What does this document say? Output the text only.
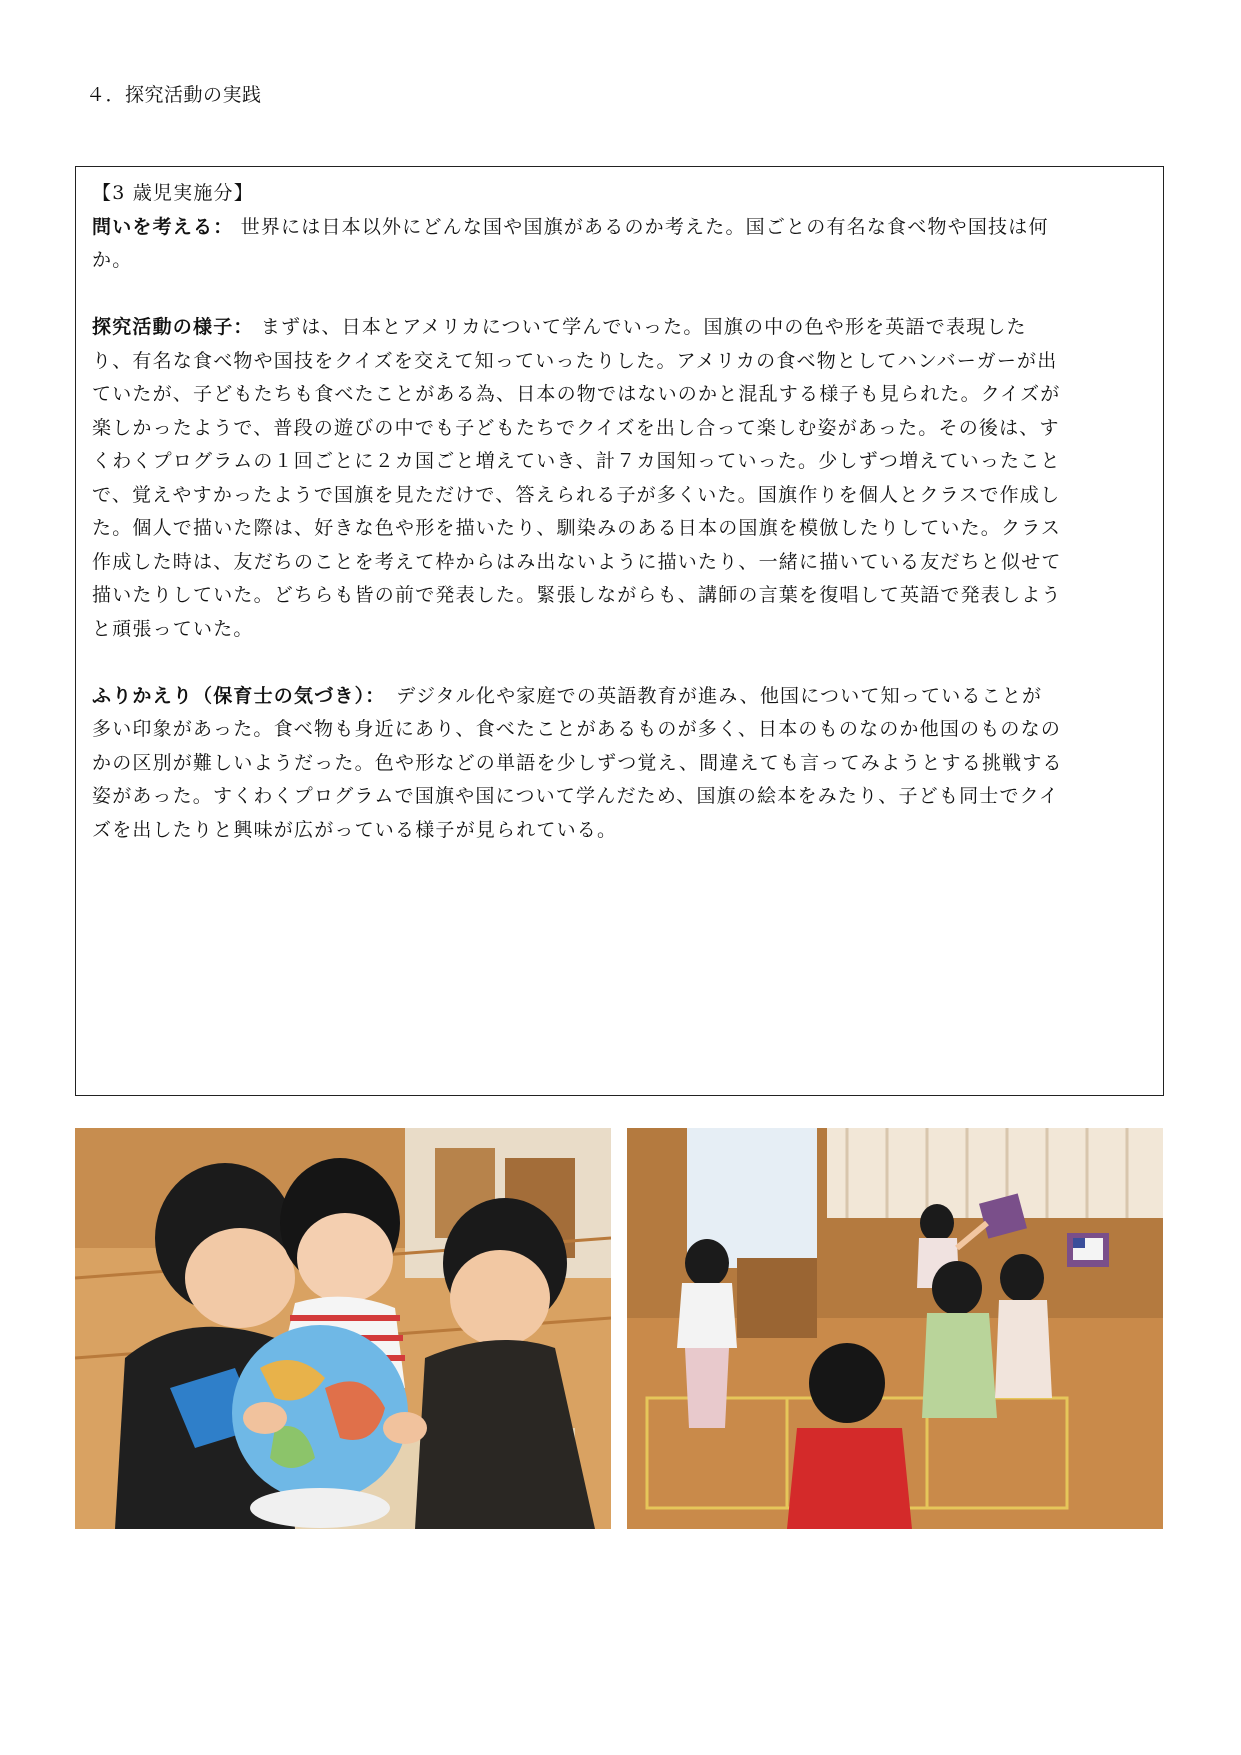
４．探究活動の実践
【3 歳児実施分】
問いを考える： 世界には日本以外にどんな国や国旗があるのか考えた。国ごとの有名な食べ物や国技は何
か。
探究活動の様子： まずは、日本とアメリカについて学んでいった。国旗の中の色や形を英語で表現した
り、有名な食べ物や国技をクイズを交えて知っていったりした。アメリカの食べ物としてハンバーガーが出
ていたが、子どもたちも食べたことがある為、日本の物ではないのかと混乱する様子も見られた。クイズが
楽しかったようで、普段の遊びの中でも子どもたちでクイズを出し合って楽しむ姿があった。その後は、す
くわくプログラムの１回ごとに２カ国ごと増えていき、計７カ国知っていった。少しずつ増えていったこと
で、覚えやすかったようで国旗を見ただけで、答えられる子が多くいた。国旗作りを個人とクラスで作成し
た。個人で描いた際は、好きな色や形を描いたり、馴染みのある日本の国旗を模倣したりしていた。クラス
作成した時は、友だちのことを考えて枠からはみ出ないように描いたり、一緒に描いている友だちと似せて
描いたりしていた。どちらも皆の前で発表した。緊張しながらも、講師の言葉を復唱して英語で発表しよう
と頑張っていた。
ふりかえり（保育士の気づき）：　デジタル化や家庭での英語教育が進み、他国について知っていることが
多い印象があった。食べ物も身近にあり、食べたことがあるものが多く、日本のものなのか他国のものなの
かの区別が難しいようだった。色や形などの単語を少しずつ覚え、間違えても言ってみようとする挑戦する
姿があった。すくわくプログラムで国旗や国について学んだため、国旗の絵本をみたり、子ども同士でクイ
ズを出したりと興味が広がっている様子が見られている。
